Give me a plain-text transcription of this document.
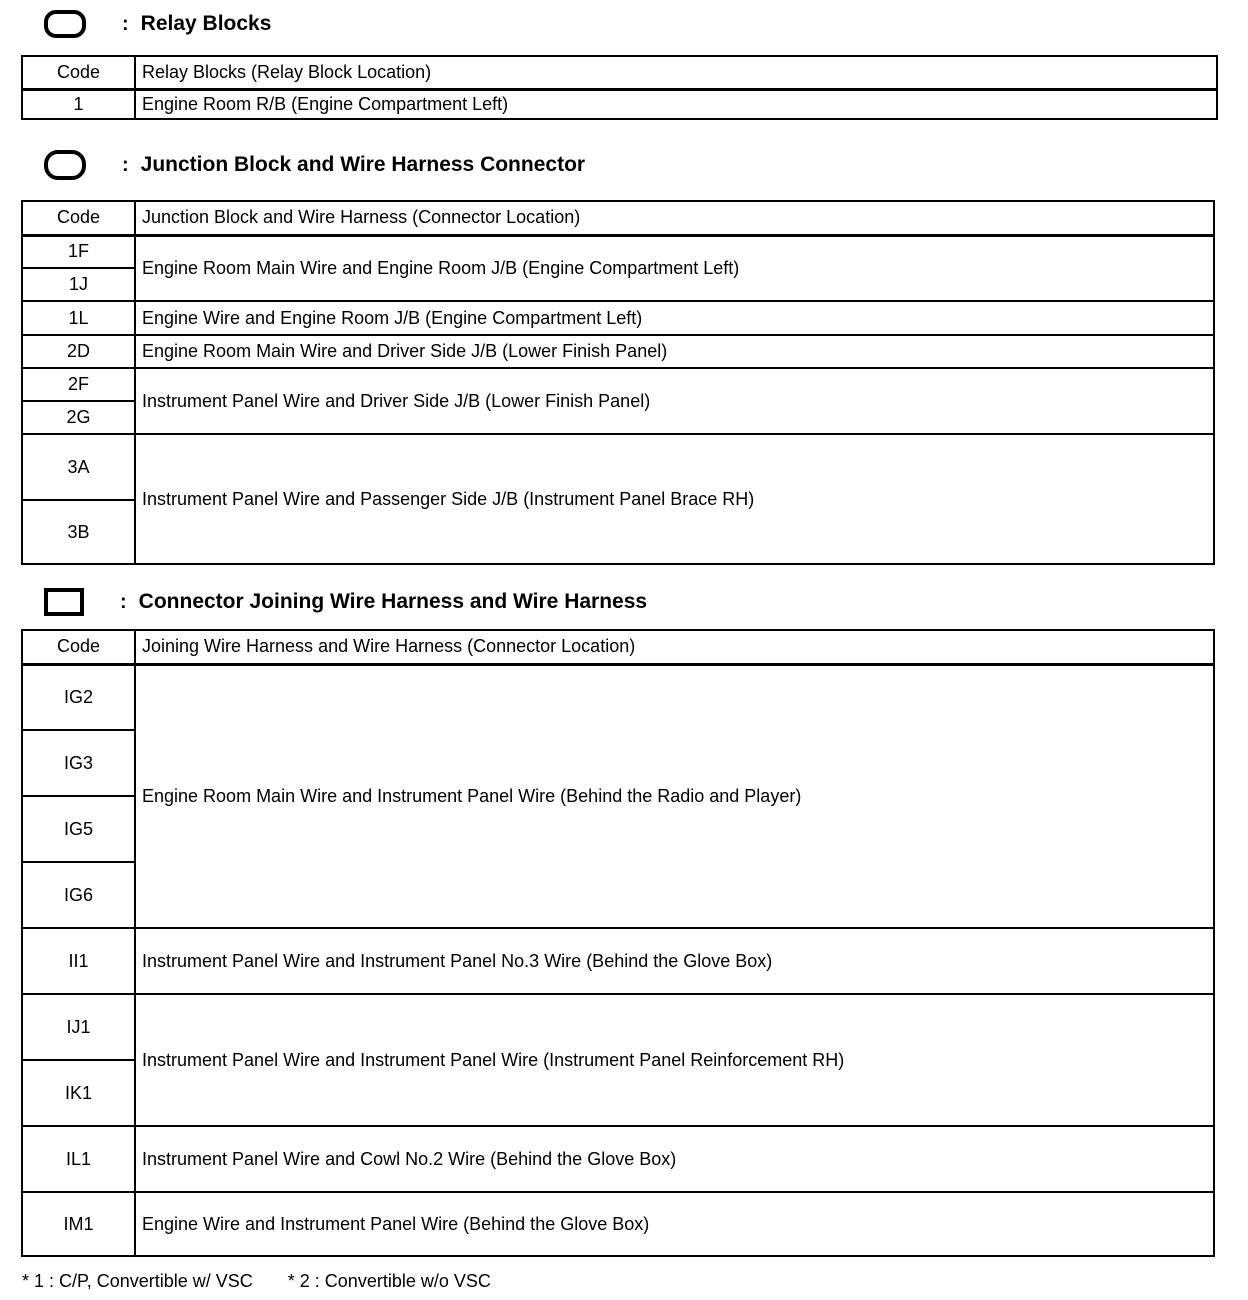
: Relay Blocks
Code	Relay Blocks (Relay Block Location)
1	Engine Room R/B (Engine Compartment Left)
: Junction Block and Wire Harness Connector
Code	Junction Block and Wire Harness (Connector Location)
1F	Engine Room Main Wire and Engine Room J/B (Engine Compartment Left)
1J	
1L	Engine Wire and Engine Room J/B (Engine Compartment Left)
2D	Engine Room Main Wire and Driver Side J/B (Lower Finish Panel)
2F	Instrument Panel Wire and Driver Side J/B (Lower Finish Panel)
2G	
3A	Instrument Panel Wire and Passenger Side J/B (Instrument Panel Brace RH)
3B	
: Connector Joining Wire Harness and Wire Harness
Code	Joining Wire Harness and Wire Harness (Connector Location)
IG2	Engine Room Main Wire and Instrument Panel Wire (Behind the Radio and Player)
IG3	
IG5	
IG6	
II1	Instrument Panel Wire and Instrument Panel No.3 Wire (Behind the Glove Box)
IJ1	Instrument Panel Wire and Instrument Panel Wire (Instrument Panel Reinforcement RH)
IK1	
IL1	Instrument Panel Wire and Cowl No.2 Wire (Behind the Glove Box)
IM1	Engine Wire and Instrument Panel Wire (Behind the Glove Box)
* 1 : C/P, Convertible w/ VSC * 2 : Convertible w/o VSC
